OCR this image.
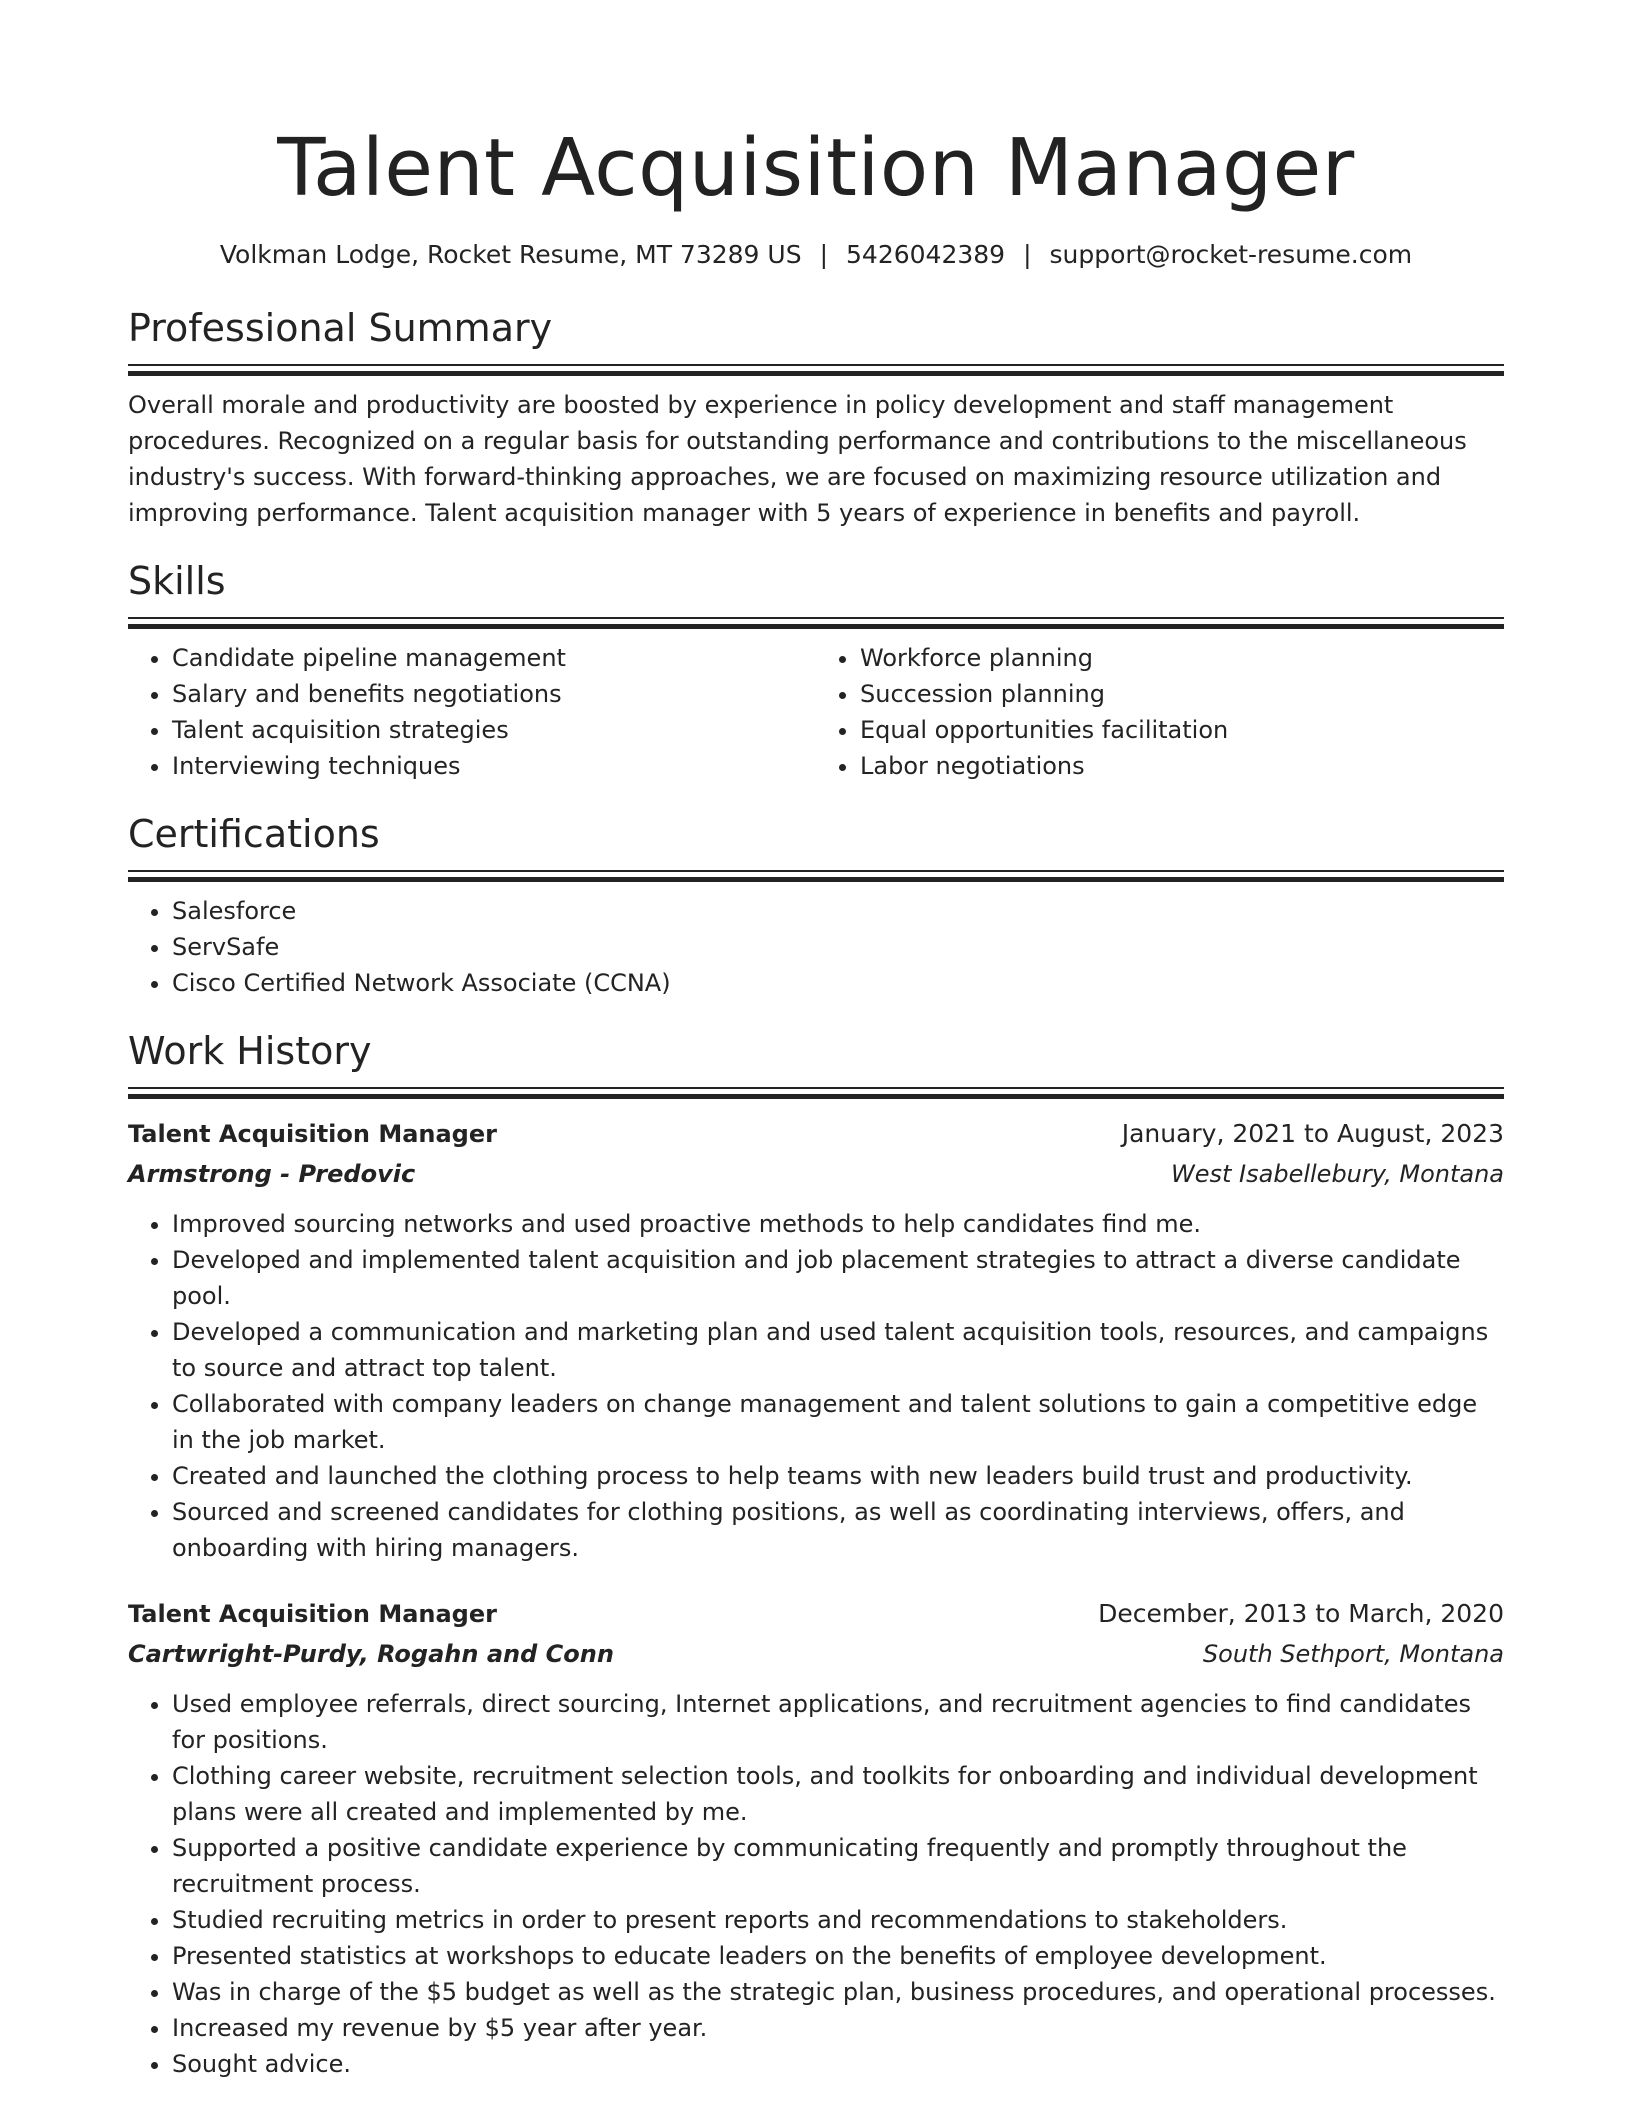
Talent Acquisition Manager
Volkman Lodge, Rocket Resume, MT 73289 US | 5426042389 | support@rocket-resume.com
Professional Summary
Overall morale and productivity are boosted by experience in policy development and staff management procedures. Recognized on a regular basis for outstanding performance and contributions to the miscellaneous industry's success. With forward-thinking approaches, we are focused on maximizing resource utilization and improving performance. Talent acquisition manager with 5 years of experience in benefits and payroll.
Skills
• Candidate pipeline management
• Salary and benefits negotiations
• Talent acquisition strategies
• Interviewing techniques
• Workforce planning
• Succession planning
• Equal opportunities facilitation
• Labor negotiations
Certifications
• Salesforce
• ServSafe
• Cisco Certified Network Associate (CCNA)
Work History
Talent Acquisition Manager	January, 2021 to August, 2023
Armstrong - Predovic	West Isabellebury, Montana
• Improved sourcing networks and used proactive methods to help candidates find me.
• Developed and implemented talent acquisition and job placement strategies to attract a diverse candidate pool.
• Developed a communication and marketing plan and used talent acquisition tools, resources, and campaigns to source and attract top talent.
• Collaborated with company leaders on change management and talent solutions to gain a competitive edge in the job market.
• Created and launched the clothing process to help teams with new leaders build trust and productivity.
• Sourced and screened candidates for clothing positions, as well as coordinating interviews, offers, and onboarding with hiring managers.
Talent Acquisition Manager	December, 2013 to March, 2020
Cartwright-Purdy, Rogahn and Conn	South Sethport, Montana
• Used employee referrals, direct sourcing, Internet applications, and recruitment agencies to find candidates for positions.
• Clothing career website, recruitment selection tools, and toolkits for onboarding and individual development plans were all created and implemented by me.
• Supported a positive candidate experience by communicating frequently and promptly throughout the recruitment process.
• Studied recruiting metrics in order to present reports and recommendations to stakeholders.
• Presented statistics at workshops to educate leaders on the benefits of employee development.
• Was in charge of the $5 budget as well as the strategic plan, business procedures, and operational processes.
• Increased my revenue by $5 year after year.
• Sought advice.
